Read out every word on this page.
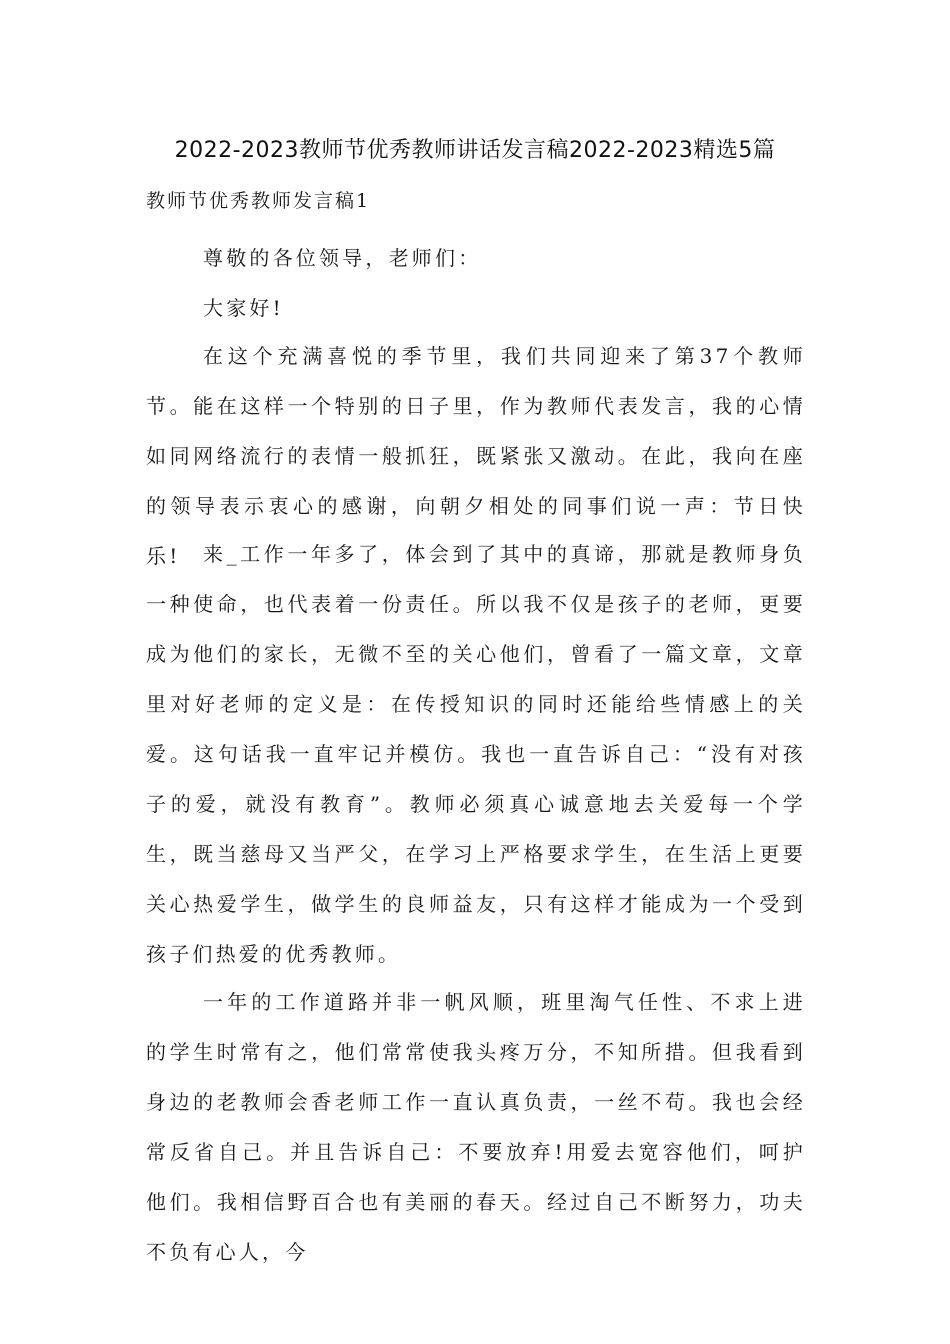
2022-2023教师节优秀教师讲话发言稿2022-2023精选5篇
教师节优秀教师发言稿1
尊敬的各位领导，老师们：
大家好!
在这个充满喜悦的季节里，我们共同迎来了第37个教师节。能在这样一个特别的日子里，作为教师代表发言，我的心情如同网络流行的表情一般抓狂，既紧张又激动。在此，我向在座的领导表示衷心的感谢，向朝夕相处的同事们说一声：节日快乐!	来_工作一年多了，体会到了其中的真谛，那就是教师身负一种使命，也代表着一份责任。所以我不仅是孩子的老师，更要成为他们的家长，无微不至的关心他们，曾看了一篇文章，文章里对好老师的定义是：在传授知识的同时还能给些情感上的关爱。这句话我一直牢记并模仿。我也一直告诉自己：“没有对孩子的爱，就没有教育”。教师必须真心诚意地去关爱每一个学生，既当慈母又当严父，在学习上严格要求学生，在生活上更要关心热爱学生，做学生的良师益友，只有这样才能成为一个受到孩子们热爱的优秀教师。
一年的工作道路并非一帆风顺，班里淘气任性、不求上进的学生时常有之，他们常常使我头疼万分，不知所措。但我看到身边的老教师会香老师工作一直认真负责，一丝不苟。我也会经常反省自己。并且告诉自己：不要放弃!用爱去宽容他们，呵护他们。我相信野百合也有美丽的春天。经过自己不断努力，功夫不负有心人，今
